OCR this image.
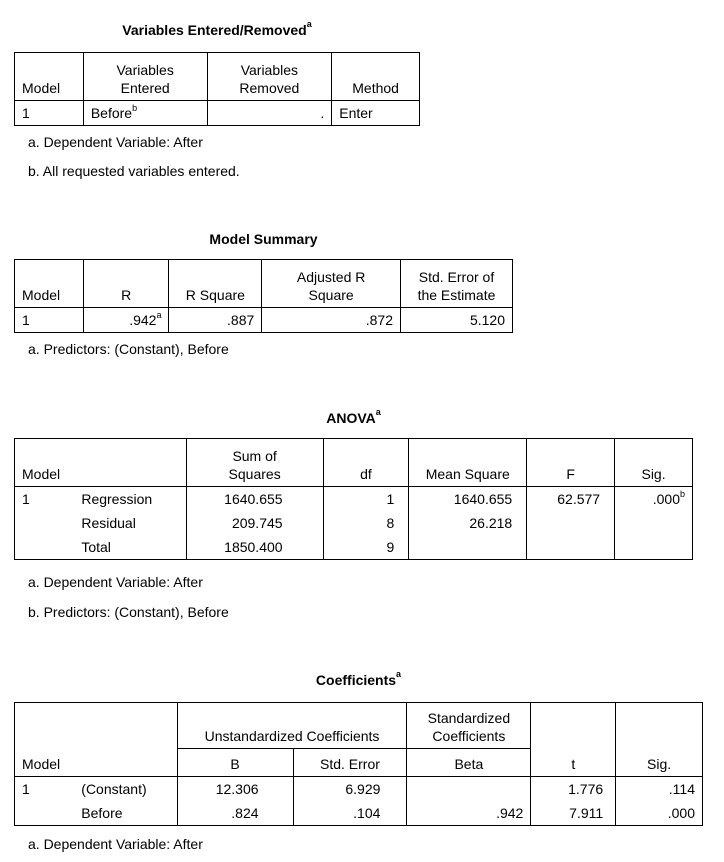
Variables Entered/Removed$^a$
Model	Variables Entered	Variables Removed	Method
1	Before$^b$	.	Enter
a. Dependent Variable: After
b. All requested variables entered.
Model Summary
Model	R	R Square	Adjusted R Square	Std. Error of the Estimate
1	.942$^a$	.887	.872	5.120
a. Predictors: (Constant), Before
ANOVA$^a$
Model		Sum of Squares	df	Mean Square	F	Sig.
1	Regression	1640.655	1	1640.655	62.577	.000$^b$
	Residual	209.745	8	26.218		
	Total	1850.400	9			
a. Dependent Variable: After
b. Predictors: (Constant), Before
Coefficients$^a$
		Unstandardized Coefficients		Standardized Coefficients		
Model		B	Std. Error	Beta	t	Sig.
1	(Constant)	12.306	6.929		1.776	.114
	Before	.824	.104	.942	7.911	.000
a. Dependent Variable: After
